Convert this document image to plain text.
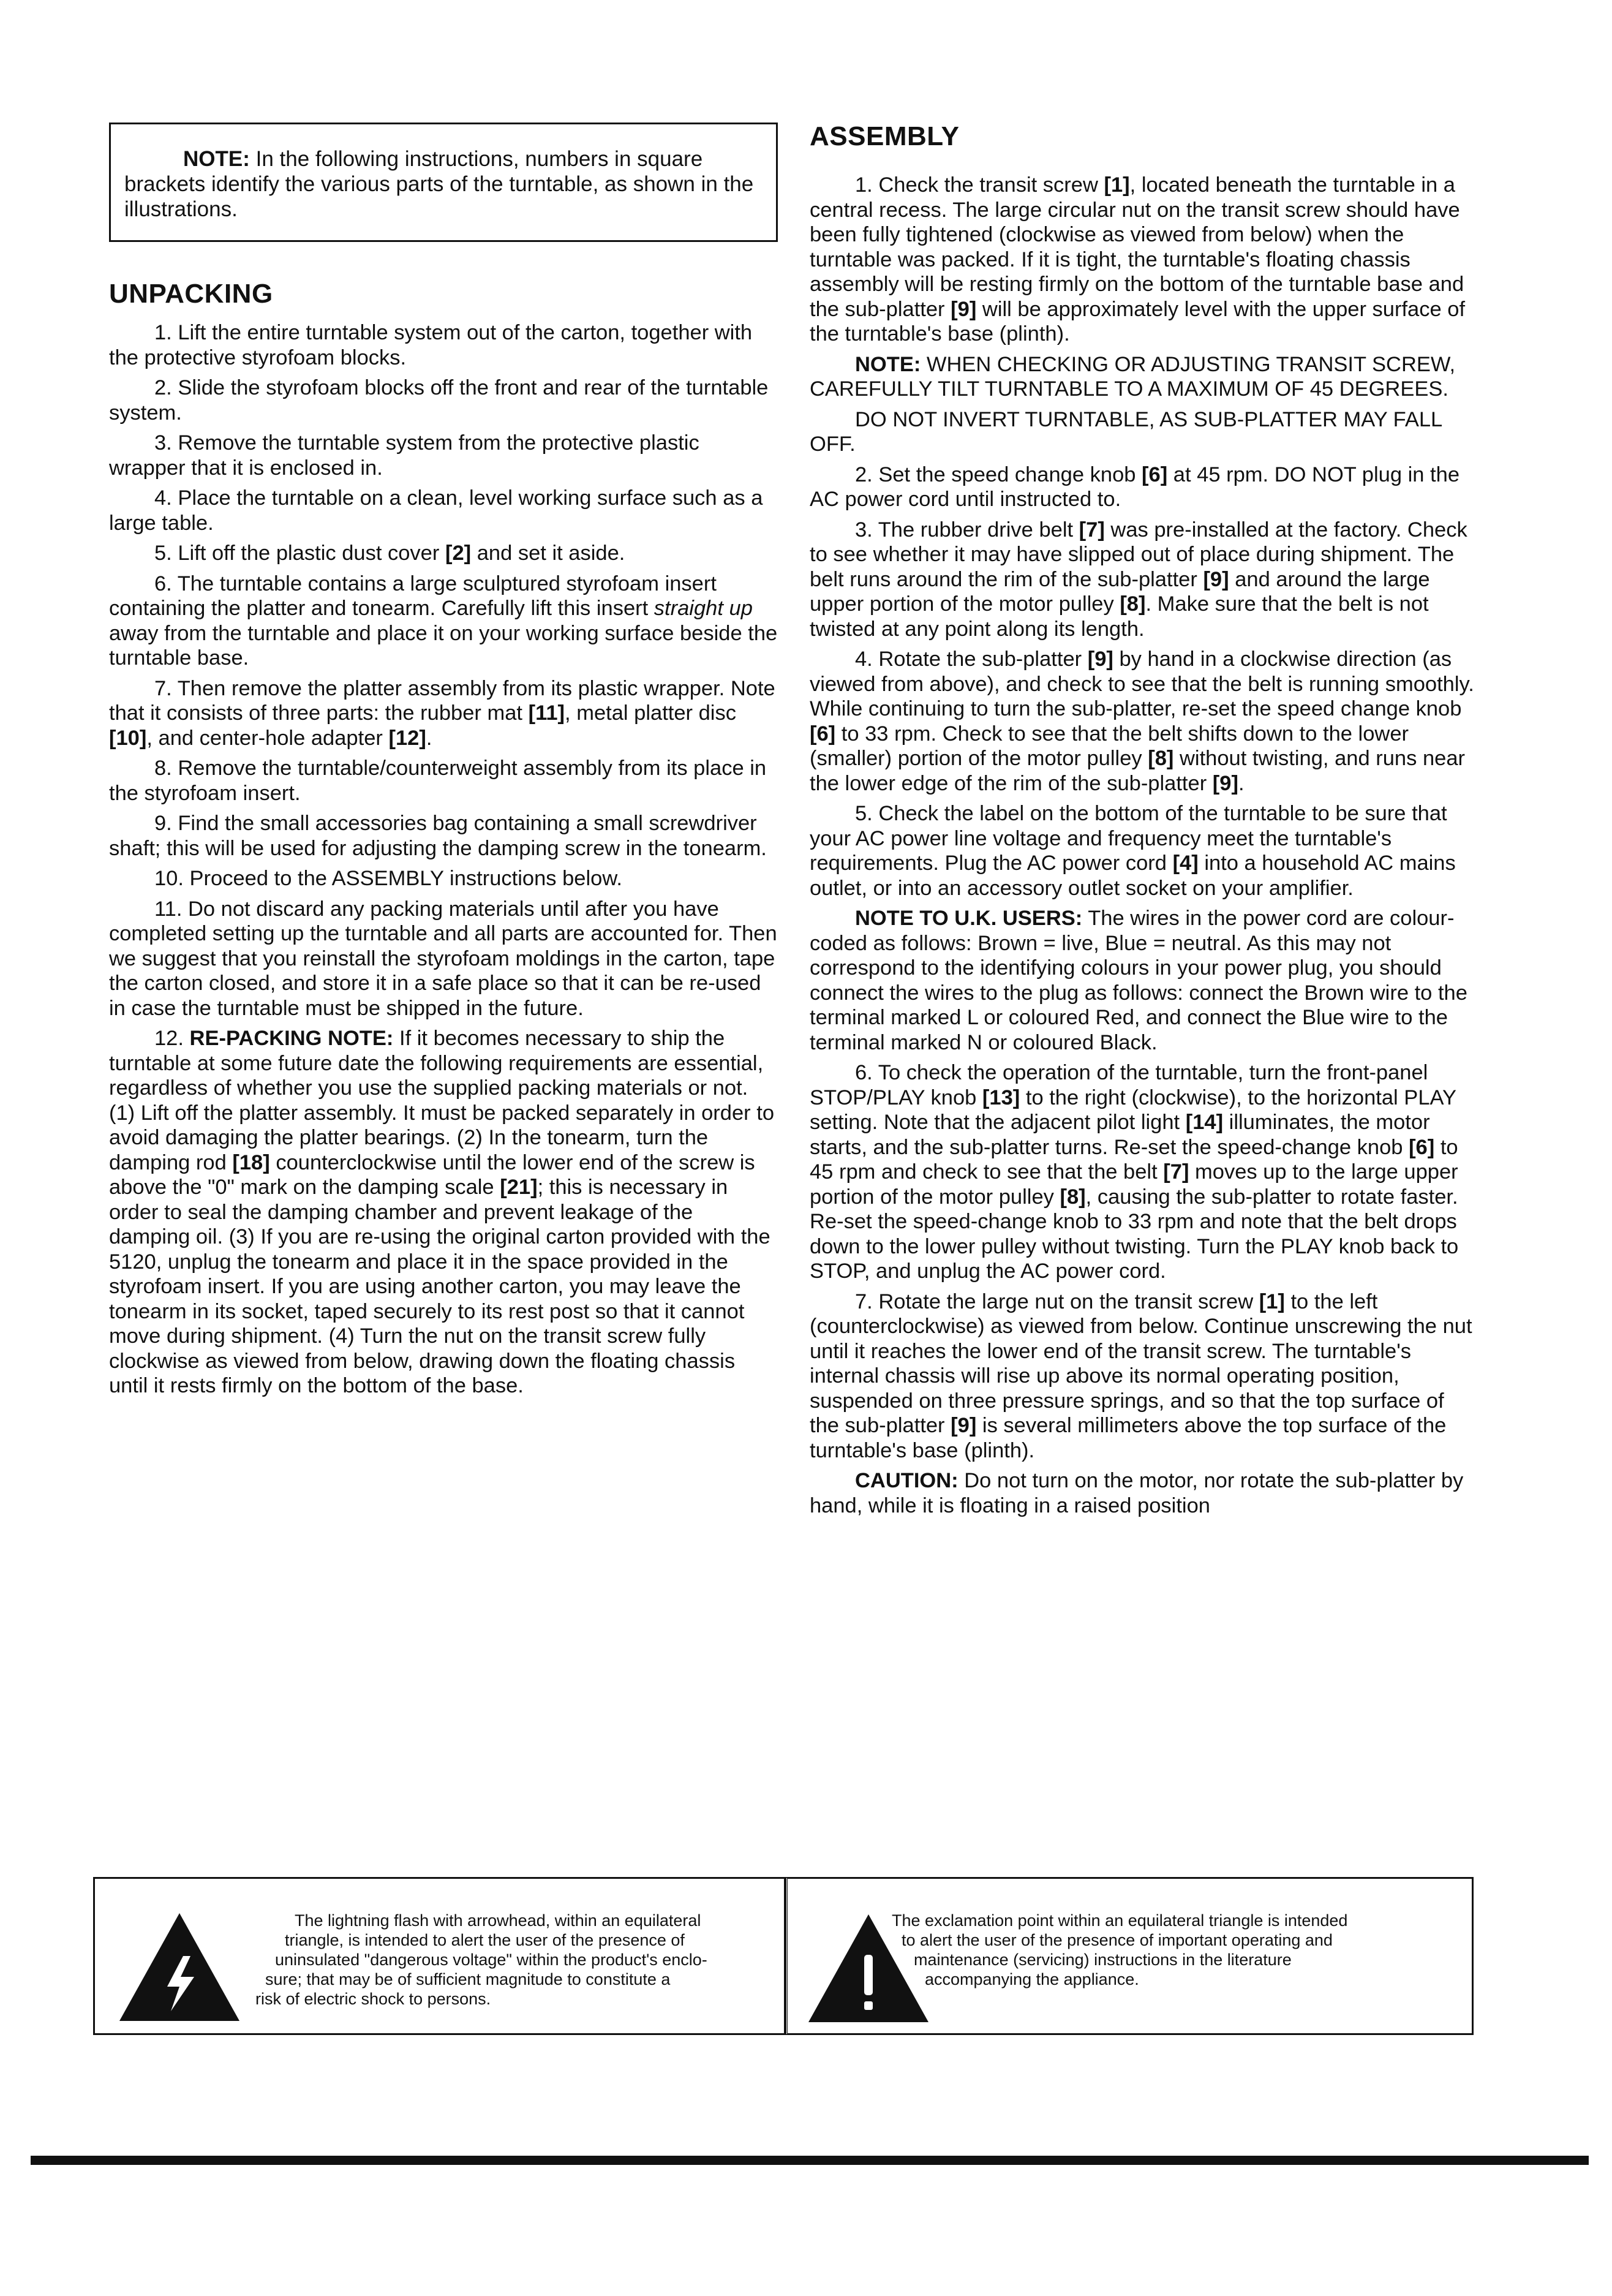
NOTE: In the following instructions, numbers in square brackets identify the various parts of the turntable, as shown in the illustrations.

UNPACKING

1. Lift the entire turntable system out of the carton, together with the protective styrofoam blocks.

2. Slide the styrofoam blocks off the front and rear of the turntable system.

3. Remove the turntable system from the protective plastic wrapper that it is enclosed in.

4. Place the turntable on a clean, level working surface such as a large table.

5. Lift off the plastic dust cover [2] and set it aside.

6. The turntable contains a large sculptured styrofoam insert containing the platter and tonearm. Carefully lift this insert straight up away from the turntable and place it on your working surface beside the turntable base.

7. Then remove the platter assembly from its plastic wrapper. Note that it consists of three parts: the rubber mat [11], metal platter disc [10], and center-hole adapter [12].

8. Remove the turntable/counterweight assembly from its place in the styrofoam insert.

9. Find the small accessories bag containing a small screwdriver shaft; this will be used for adjusting the damping screw in the tonearm.

10. Proceed to the ASSEMBLY instructions below.

11. Do not discard any packing materials until after you have completed setting up the turntable and all parts are accounted for. Then we suggest that you reinstall the styrofoam moldings in the carton, tape the carton closed, and store it in a safe place so that it can be re-used in case the turntable must be shipped in the future.

12. RE-PACKING NOTE: If it becomes necessary to ship the turntable at some future date the following requirements are essential, regardless of whether you use the supplied packing materials or not. (1) Lift off the platter assembly. It must be packed separately in order to avoid damaging the platter bearings. (2) In the tonearm, turn the damping rod [18] counterclockwise until the lower end of the screw is above the "0" mark on the damping scale [21]; this is necessary in order to seal the damping chamber and prevent leakage of the damping oil. (3) If you are re-using the original carton provided with the 5120, unplug the tonearm and place it in the space provided in the styrofoam insert. If you are using another carton, you may leave the tonearm in its socket, taped securely to its rest post so that it cannot move during shipment. (4) Turn the nut on the transit screw fully clockwise as viewed from below, drawing down the floating chassis until it rests firmly on the bottom of the base.

ASSEMBLY

1. Check the transit screw [1], located beneath the turntable in a central recess. The large circular nut on the transit screw should have been fully tightened (clockwise as viewed from below) when the turntable was packed. If it is tight, the turntable's floating chassis assembly will be resting firmly on the bottom of the turntable base and the sub-platter [9] will be approximately level with the upper surface of the turntable's base (plinth).

NOTE: WHEN CHECKING OR ADJUSTING TRANSIT SCREW, CAREFULLY TILT TURNTABLE TO A MAXIMUM OF 45 DEGREES.

DO NOT INVERT TURNTABLE, AS SUB-PLATTER MAY FALL OFF.

2. Set the speed change knob [6] at 45 rpm. DO NOT plug in the AC power cord until instructed to.

3. The rubber drive belt [7] was pre-installed at the factory. Check to see whether it may have slipped out of place during shipment. The belt runs around the rim of the sub-platter [9] and around the large upper portion of the motor pulley [8]. Make sure that the belt is not twisted at any point along its length.

4. Rotate the sub-platter [9] by hand in a clockwise direction (as viewed from above), and check to see that the belt is running smoothly. While continuing to turn the sub-platter, re-set the speed change knob [6] to 33 rpm. Check to see that the belt shifts down to the lower (smaller) portion of the motor pulley [8] without twisting, and runs near the lower edge of the rim of the sub-platter [9].

5. Check the label on the bottom of the turntable to be sure that your AC power line voltage and frequency meet the turntable's requirements. Plug the AC power cord [4] into a household AC mains outlet, or into an accessory outlet socket on your amplifier.

NOTE TO U.K. USERS: The wires in the power cord are colour-coded as follows: Brown = live, Blue = neutral. As this may not correspond to the identifying colours in your power plug, you should connect the wires to the plug as follows: connect the Brown wire to the terminal marked L or coloured Red, and connect the Blue wire to the terminal marked N or coloured Black.

6. To check the operation of the turntable, turn the front-panel STOP/PLAY knob [13] to the right (clockwise), to the horizontal PLAY setting. Note that the adjacent pilot light [14] illuminates, the motor starts, and the sub-platter turns. Re-set the speed-change knob [6] to 45 rpm and check to see that the belt [7] moves up to the large upper portion of the motor pulley [8], causing the sub-platter to rotate faster. Re-set the speed-change knob to 33 rpm and note that the belt drops down to the lower pulley without twisting. Turn the PLAY knob back to STOP, and unplug the AC power cord.

7. Rotate the large nut on the transit screw [1] to the left (counterclockwise) as viewed from below. Continue unscrewing the nut until it reaches the lower end of the transit screw. The turntable's internal chassis will rise up above its normal operating position, suspended on three pressure springs, and so that the top surface of the sub-platter [9] is several millimeters above the top surface of the turntable's base (plinth).

CAUTION: Do not turn on the motor, nor rotate the sub-platter by hand, while it is floating in a raised position

The lightning flash with arrowhead, within an equilateral
triangle, is intended to alert the user of the presence of
uninsulated "dangerous voltage" within the product's enclo-
sure; that may be of sufficient magnitude to constitute a
risk of electric shock to persons.
The exclamation point within an equilateral triangle is intended
to alert the user of the presence of important operating and
maintenance (servicing) instructions in the literature
accompanying the appliance.
